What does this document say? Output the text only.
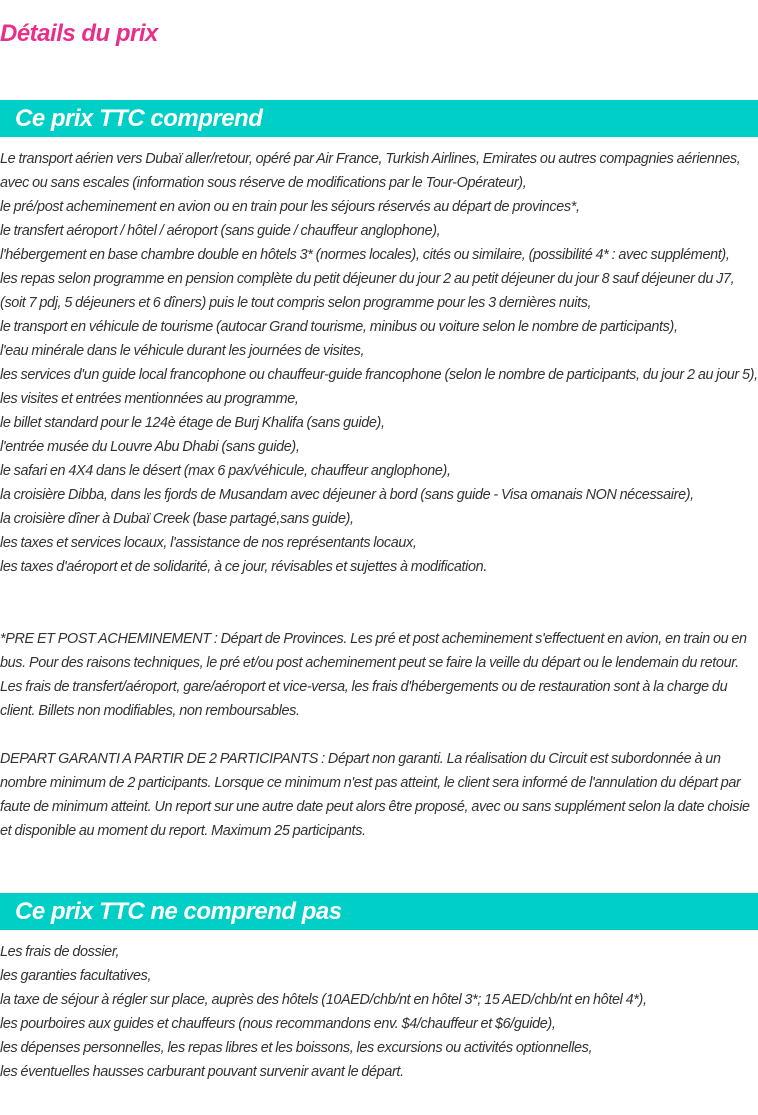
Détails du prix
Ce prix TTC comprend

Le transport aérien vers Dubaï aller/retour, opéré par Air France, Turkish Airlines, Emirates ou autres compagnies aériennes, avec ou sans escales (information sous réserve de modifications par le Tour-Opérateur),

le pré/post acheminement en avion ou en train pour les séjours réservés au départ de provinces*,

le transfert aéroport / hôtel / aéroport (sans guide / chauffeur anglophone),

l'hébergement en base chambre double en hôtels 3* (normes locales), cités ou similaire, (possibilité 4* : avec supplément),

les repas selon programme en pension complète du petit déjeuner du jour 2 au petit déjeuner du jour 8 sauf déjeuner du J7, (soit 7 pdj, 5 déjeuners et 6 dîners) puis le tout compris selon programme pour les 3 dernières nuits,

le transport en véhicule de tourisme (autocar Grand tourisme, minibus ou voiture selon le nombre de participants),

l'eau minérale dans le véhicule durant les journées de visites,

les services d'un guide local francophone ou chauffeur-guide francophone (selon le nombre de participants, du jour 2 au jour 5),

les visites et entrées mentionnées au programme,

le billet standard pour le 124è étage de Burj Khalifa (sans guide),

l'entrée musée du Louvre Abu Dhabi (sans guide),

le safari en 4X4 dans le désert (max 6 pax/véhicule, chauffeur anglophone),

la croisière Dibba, dans les fjords de Musandam avec déjeuner à bord (sans guide - Visa omanais NON nécessaire),

la croisière dîner à Dubaï Creek (base partagé,sans guide),

les taxes et services locaux, l'assistance de nos représentants locaux,

les taxes d'aéroport et de solidarité, à ce jour, révisables et sujettes à modification.

*PRE ET POST ACHEMINEMENT : Départ de Provinces. Les pré et post acheminement s'effectuent en avion, en train ou en bus. Pour des raisons techniques, le pré et/ou post acheminement peut se faire la veille du départ ou le lendemain du retour. Les frais de transfert/aéroport, gare/aéroport et vice-versa, les frais d'hébergements ou de restauration sont à la charge du client. Billets non modifiables, non remboursables.

DEPART GARANTI A PARTIR DE 2 PARTICIPANTS : Départ non garanti. La réalisation du Circuit est subordonnée à un nombre minimum de 2 participants. Lorsque ce minimum n'est pas atteint, le client sera informé de l'annulation du départ par faute de minimum atteint. Un report sur une autre date peut alors être proposé, avec ou sans supplément selon la date choisie et disponible au moment du report. Maximum 25 participants.

Ce prix TTC ne comprend pas

Les frais de dossier,

les garanties facultatives,

la taxe de séjour à régler sur place, auprès des hôtels (10AED/chb/nt en hôtel 3*; 15 AED/chb/nt en hôtel 4*),

les pourboires aux guides et chauffeurs (nous recommandons env. $4/chauffeur et $6/guide),

les dépenses personnelles, les repas libres et les boissons, les excursions ou activités optionnelles,

les éventuelles hausses carburant pouvant survenir avant le départ.
